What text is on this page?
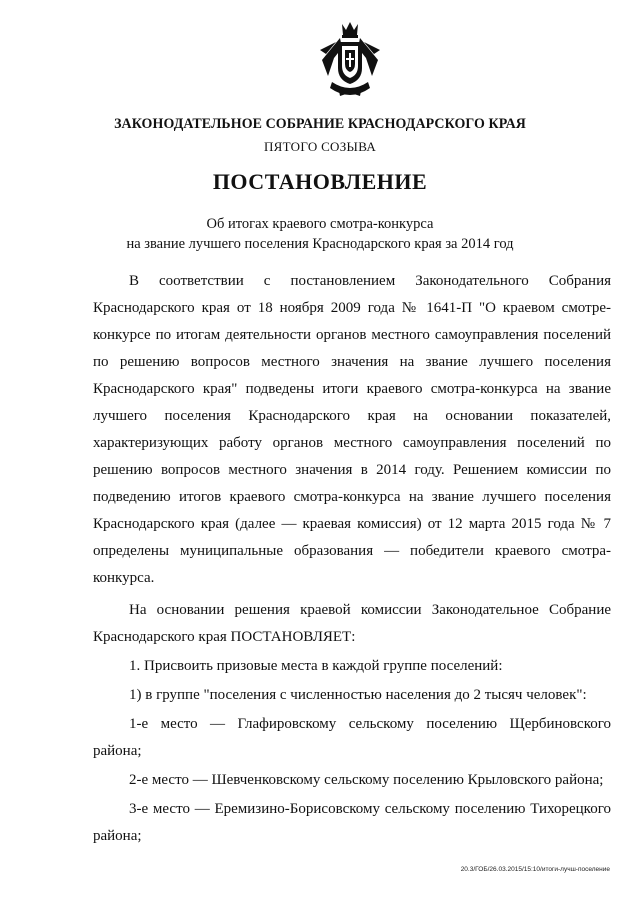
ЗАКОНОДАТЕЛЬНОЕ СОБРАНИЕ КРАСНОДАРСКОГО КРАЯ
ПЯТОГО СОЗЫВА
ПОСТАНОВЛЕНИЕ
Об итогах краевого смотра-конкурса
на звание лучшего поселения Краснодарского края за 2014 год

В соответствии с постановлением Законодательного Собрания Краснодарского края от 18 ноября 2009 года № 1641-П "О краевом смотре-конкурсе по итогам деятельности органов местного самоуправления поселений по решению вопросов местного значения на звание лучшего поселения Краснодарского края" подведены итоги краевого смотра-конкурса на звание лучшего поселения Краснодарского края на основании показателей, характеризующих работу органов местного самоуправления поселений по решению вопросов местного значения в 2014 году. Решением комиссии по подведению итогов краевого смотра-конкурса на звание лучшего поселения Краснодарского края (далее — краевая комиссия) от 12 марта 2015 года № 7 определены муниципальные образования — победители краевого смотра-конкурса.

На основании решения краевой комиссии Законодательное Собрание Краснодарского края ПОСТАНОВЛЯЕТ:

1. Присвоить призовые места в каждой группе поселений:

1) в группе "поселения с численностью населения до 2 тысяч человек":

1-е место — Глафировскому сельскому поселению Щербиновского района;

2-е место — Шевченковскому сельскому поселению Крыловского района;

3-е место — Еремизино-Борисовскому сельскому поселению Тихорецкого района;

20.3/ГОБ/26.03.2015/15:10/итоги-лучш-поселение
